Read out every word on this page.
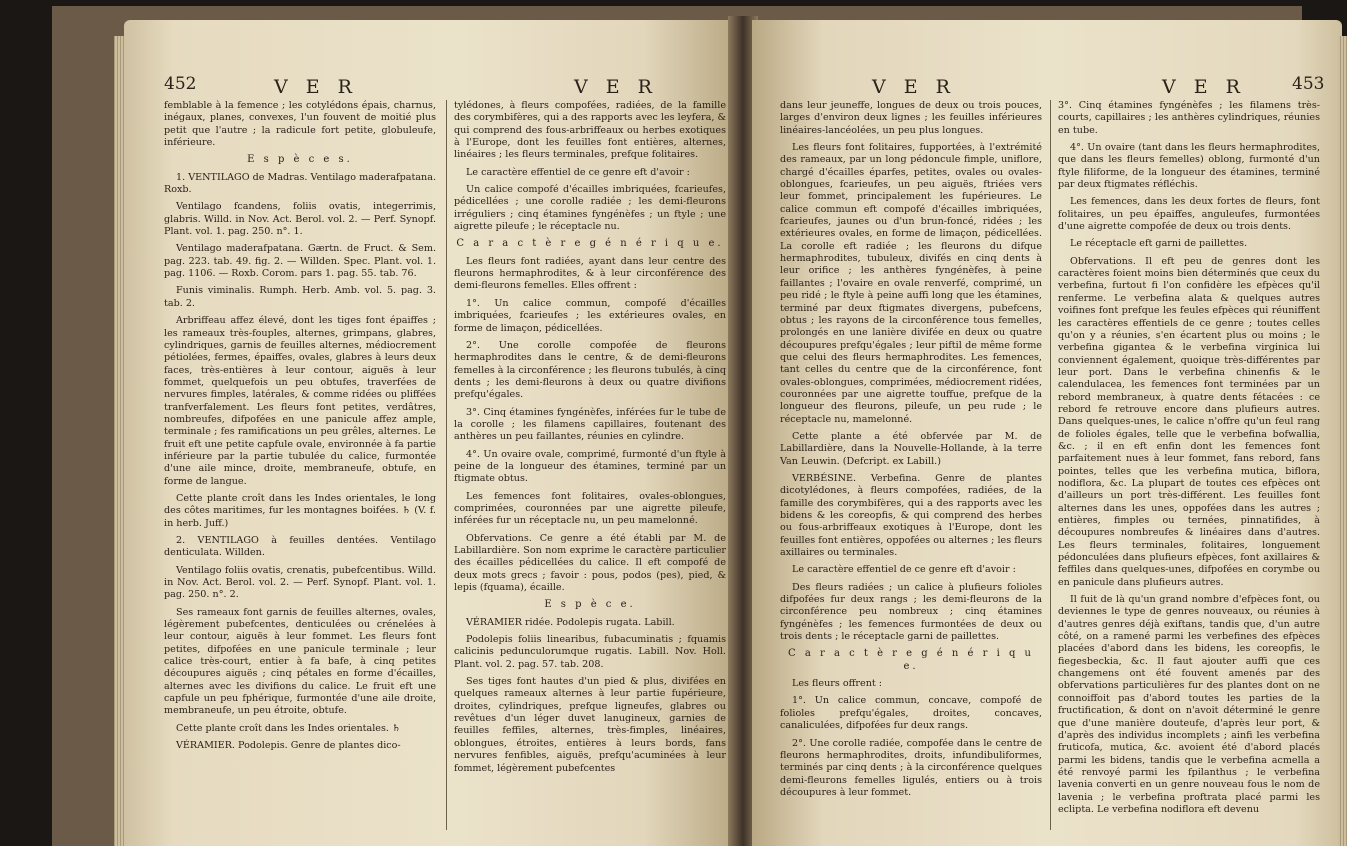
452	V E R	V E R

femblable à la femence ; les cotylédons épais, charnus, inégaux, planes, convexes, l'un fouvent de moitié plus petit que l'autre ; la radicule fort petite, globuleufe, inférieure.

E s p è c e s.

1. VENTILAGO de Madras. Ventilago maderafpatana. Roxb.

Ventilago fcandens, foliis ovatis, integerrimis, glabris. Willd. in Nov. Act. Berol. vol. 2. — Perf. Synopf. Plant. vol. 1. pag. 250. n°. 1.

Ventilago maderafpatana. Gærtn. de Fruct. & Sem. pag. 223. tab. 49. fig. 2. — Willden. Spec. Plant. vol. 1. pag. 1106. — Roxb. Corom. pars 1. pag. 55. tab. 76.

Funis viminalis. Rumph. Herb. Amb. vol. 5. pag. 3. tab. 2.

Arbriffeau affez élevé, dont les tiges font épaiffes ; les rameaux très-fouples, alternes, grimpans, glabres, cylindriques, garnis de feuilles alternes, médiocrement pétiolées, fermes, épaiffes, ovales, glabres à leurs deux faces, très-entières à leur contour, aiguës à leur fommet, quelquefois un peu obtufes, traverfées de nervures fimples, latérales, & comme ridées ou pliffées tranfverfalement. Les fleurs font petites, verdâtres, nombreufes, difpofées en une panicule affez ample, terminale ; fes ramifications un peu grêles, alternes. Le fruit eft une petite capfule ovale, environnée à fa partie inférieure par la partie tubulée du calice, furmontée d'une aile mince, droite, membraneufe, obtufe, en forme de langue.

Cette plante croît dans les Indes orientales, le long des côtes maritimes, fur les montagnes boifées. ♄ (V. f. in herb. Juff.)

2. VENTILAGO à feuilles dentées. Ventilago denticulata. Willden.

Ventilago foliis ovatis, crenatis, pubefcentibus. Willd. in Nov. Act. Berol. vol. 2. — Perf. Synopf. Plant. vol. 1. pag. 250. n°. 2.

Ses rameaux font garnis de feuilles alternes, ovales, légèrement pubefcentes, denticulées ou crénelées à leur contour, aiguës à leur fommet. Les fleurs font petites, difpofées en une panicule terminale ; leur calice très-court, entier à fa bafe, à cinq petites découpures aiguës ; cinq pétales en forme d'écailles, alternes avec les divifions du calice. Le fruit eft une capfule un peu fphérique, furmontée d'une aile droite, membraneufe, un peu étroite, obtufe.

Cette plante croît dans les Indes orientales. ♄

VÉRAMIER. Podolepis. Genre de plantes dico-

tylédones, à fleurs compofées, radiées, de la famille des corymbifères, qui a des rapports avec les leyfera, & qui comprend des fous-arbriffeaux ou herbes exotiques à l'Europe, dont les feuilles font entières, alternes, linéaires ; les fleurs terminales, prefque folitaires.

Le caractère effentiel de ce genre eft d'avoir :

Un calice compofé d'écailles imbriquées, fcarieufes, pédicellées ; une corolle radiée ; les demi-fleurons irréguliers ; cinq étamines fyngénèfes ; un ftyle ; une aigrette pileufe ; le réceptacle nu.

C a r a c t è r e g é n é r i q u e.

Les fleurs font radiées, ayant dans leur centre des fleurons hermaphrodites, & à leur circonférence des demi-fleurons femelles. Elles offrent :

1°. Un calice commun, compofé d'écailles imbriquées, fcarieufes ; les extérieures ovales, en forme de limaçon, pédicellées.

2°. Une corolle compofée de fleurons hermaphrodites dans le centre, & de demi-fleurons femelles à la circonférence ; les fleurons tubulés, à cinq dents ; les demi-fleurons à deux ou quatre divifions prefqu'égales.

3°. Cinq étamines fyngénèfes, inférées fur le tube de la corolle ; les filamens capillaires, foutenant des anthères un peu faillantes, réunies en cylindre.

4°. Un ovaire ovale, comprimé, furmonté d'un ftyle à peine de la longueur des étamines, terminé par un ftigmate obtus.

Les femences font folitaires, ovales-oblongues, comprimées, couronnées par une aigrette pileufe, inférées fur un réceptacle nu, un peu mamelonné.

Obfervations. Ce genre a été établi par M. de Labillardière. Son nom exprime le caractère particulier des écailles pédicellées du calice. Il eft compofé de deux mots grecs ; favoir : pous, podos (pes), pied, & lepis (fquama), écaille.

E s p è c e.

VÉRAMIER ridée. Podolepis rugata. Labill.

Podolepis foliis linearibus, fubacuminatis ; fquamis calicinis pedunculorumque rugatis. Labill. Nov. Holl. Plant. vol. 2. pag. 57. tab. 208.

Ses tiges font hautes d'un pied & plus, divifées en quelques rameaux alternes à leur partie fupérieure, droites, cylindriques, prefque ligneufes, glabres ou revêtues d'un léger duvet lanugineux, garnies de feuilles feffiles, alternes, très-fimples, linéaires, oblongues, étroites, entières à leurs bords, fans nervures fenfibles, aiguës, prefqu'acuminées à leur fommet, légèrement pubefcentes

V E R	V E R	453

dans leur jeuneffe, longues de deux ou trois pouces, larges d'environ deux lignes ; les feuilles inférieures linéaires-lancéolées, un peu plus longues.

Les fleurs font folitaires, fupportées, à l'extrémité des rameaux, par un long pédoncule fimple, uniflore, chargé d'écailles éparfes, petites, ovales ou ovales-oblongues, fcarieufes, un peu aiguës, ftriées vers leur fommet, principalement les fupérieures. Le calice commun eft compofé d'écailles imbriquées, fcarieufes, jaunes ou d'un brun-foncé, ridées ; les extérieures ovales, en forme de limaçon, pédicellées. La corolle eft radiée ; les fleurons du difque hermaphrodites, tubuleux, divifés en cinq dents à leur orifice ; les anthères fyngénèfes, à peine faillantes ; l'ovaire en ovale renverfé, comprimé, un peu ridé ; le ftyle à peine auffi long que les étamines, terminé par deux ftigmates divergens, pubefcens, obtus ; les rayons de la circonférence tous femelles, prolongés en une lanière divifée en deux ou quatre découpures prefqu'égales ; leur piftil de même forme que celui des fleurs hermaphrodites. Les femences, tant celles du centre que de la circonférence, font ovales-oblongues, comprimées, médiocrement ridées, couronnées par une aigrette touffue, prefque de la longueur des fleurons, pileufe, un peu rude ; le réceptacle nu, mamelonné.

Cette plante a été obfervée par M. de Labillardière, dans la Nouvelle-Hollande, à la terre Van Leuwin. (Defcript. ex Labill.)

VERBÉSINE. Verbefina. Genre de plantes dicotylédones, à fleurs compofées, radiées, de la famille des corymbifères, qui a des rapports avec les bidens & les coreopfis, & qui comprend des herbes ou fous-arbriffeaux exotiques à l'Europe, dont les feuilles font entières, oppofées ou alternes ; les fleurs axillaires ou terminales.

Le caractère effentiel de ce genre eft d'avoir :

Des fleurs radiées ; un calice à plufieurs folioles difpofées fur deux rangs ; les demi-fleurons de la circonférence peu nombreux ; cinq étamines fyngénèfes ; les femences furmontées de deux ou trois dents ; le réceptacle garni de paillettes.

C a r a c t è r e g é n é r i q u e.

Les fleurs offrent :

1°. Un calice commun, concave, compofé de folioles prefqu'égales, droites, concaves, canaliculées, difpofées fur deux rangs.

2°. Une corolle radiée, compofée dans le centre de fleurons hermaphrodites, droits, infundibuliformes, terminés par cinq dents ; à la circonférence quelques demi-fleurons femelles ligulés, entiers ou à trois découpures à leur fommet.

3°. Cinq étamines fyngénèfes ; les filamens très-courts, capillaires ; les anthères cylindriques, réunies en tube.

4°. Un ovaire (tant dans les fleurs hermaphrodites, que dans les fleurs femelles) oblong, furmonté d'un ftyle filiforme, de la longueur des étamines, terminé par deux ftigmates réfléchis.

Les femences, dans les deux fortes de fleurs, font folitaires, un peu épaiffes, anguleufes, furmontées d'une aigrette compofée de deux ou trois dents.

Le réceptacle eft garni de paillettes.

Obfervations. Il eft peu de genres dont les caractères foient moins bien déterminés que ceux du verbefina, furtout fi l'on confidère les efpèces qu'il renferme. Le verbefina alata & quelques autres voifines font prefque les feules efpèces qui réuniffent les caractères effentiels de ce genre ; toutes celles qu'on y a réunies, s'en écartent plus ou moins ; le verbefina gigantea & le verbefina virginica lui conviennent également, quoique très-différentes par leur port. Dans le verbefina chinenfis & le calendulacea, les femences font terminées par un rebord membraneux, à quatre dents fétacées : ce rebord fe retrouve encore dans plufieurs autres. Dans quelques-unes, le calice n'offre qu'un feul rang de folioles égales, telle que le verbefina bofwallia, &c. ; il en eft enfin dont les femences font parfaitement nues à leur fommet, fans rebord, fans pointes, telles que les verbefina mutica, biflora, nodiflora, &c. La plupart de toutes ces efpèces ont d'ailleurs un port très-différent. Les feuilles font alternes dans les unes, oppofées dans les autres ; entières, fimples ou ternées, pinnatifides, à découpures nombreufes & linéaires dans d'autres. Les fleurs terminales, folitaires, longuement pédonculées dans plufieurs efpèces, font axillaires & feffiles dans quelques-unes, difpofées en corymbe ou en panicule dans plufieurs autres.

Il fuit de là qu'un grand nombre d'efpèces font, ou deviennes le type de genres nouveaux, ou réunies à d'autres genres déjà exiftans, tandis que, d'un autre côté, on a ramené parmi les verbefines des efpèces placées d'abord dans les bidens, les coreopfis, le fiegesbeckia, &c. Il faut ajouter auffi que ces changemens ont été fouvent amenés par des obfervations particulières fur des plantes dont on ne connoiffoit pas d'abord toutes les parties de la fructification, & dont on n'avoit déterminé le genre que d'une manière douteufe, d'après leur port, & d'après des individus incomplets ; ainfi les verbefina fruticofa, mutica, &c. avoient été d'abord placés parmi les bidens, tandis que le verbefina acmella a été renvoyé parmi les fpilanthus ; le verbefina lavenia converti en un genre nouveau fous le nom de lavenia ; le verbefina proftrata placé parmi les eclipta. Le verbefina nodiflora eft devenu
